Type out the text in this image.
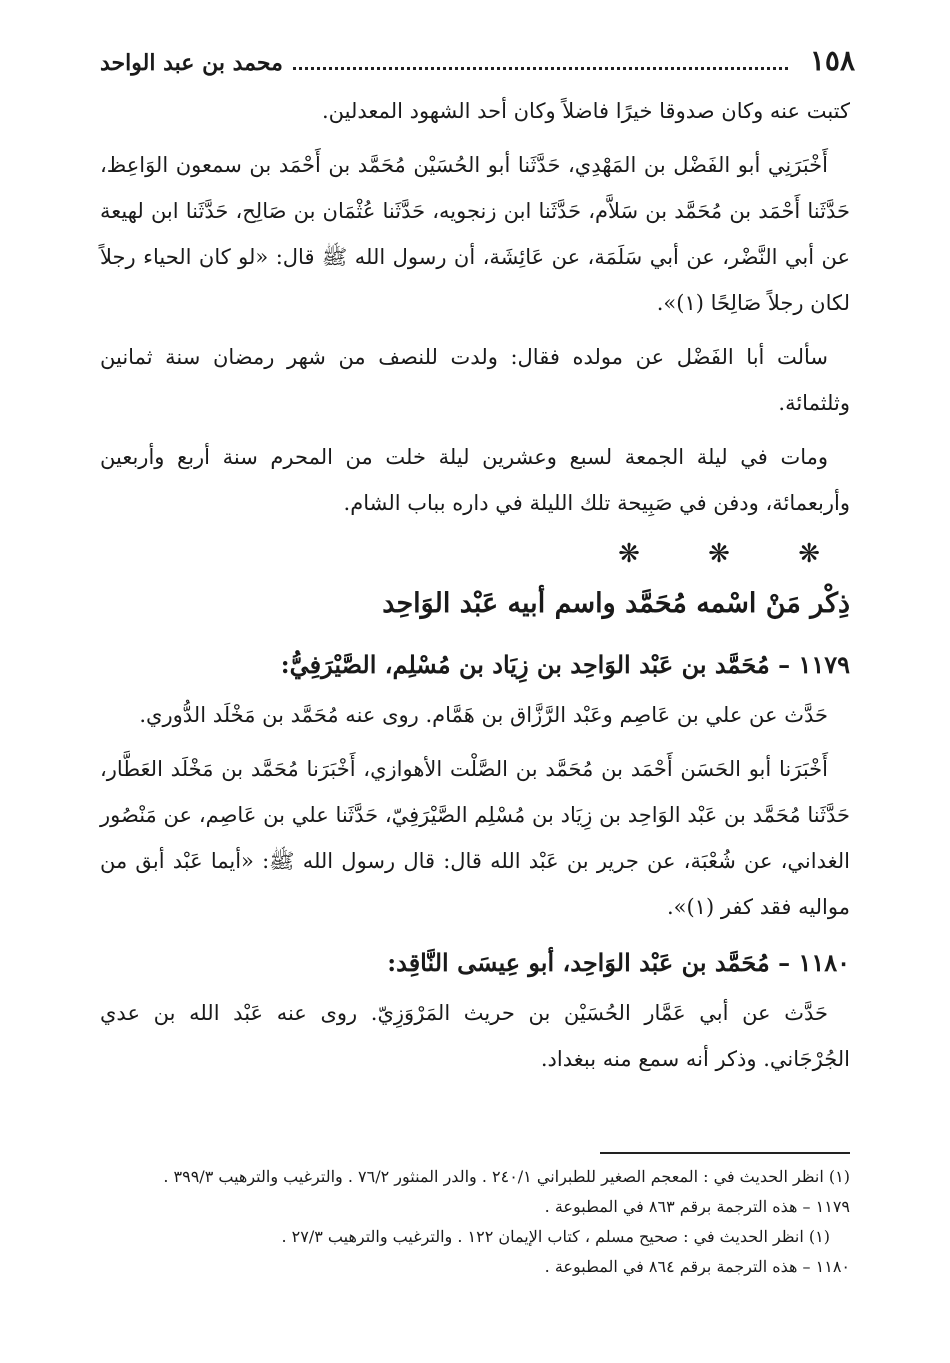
١٥٨
محمد بن عبد الواحد

كتبت عنه وكان صدوقا خيرًا فاضلاً وكان أحد الشهود المعدلين.

أَخْبَرَنِي أبو الفَضْل بن المَهْدِي، حَدَّثَنا أبو الحُسَيْن مُحَمَّد بن أَحْمَد بن سمعون الوَاعِظ، حَدَّثَنا أَحْمَد بن مُحَمَّد بن سَلاَّم، حَدَّثَنا ابن زنجويه، حَدَّثَنا عُثْمَان بن صَالِح، حَدَّثَنا ابن لهيعة عن أبي النَّضْر، عن أبي سَلَمَة، عن عَائِشَة، أن رسول الله ﷺ قال: «لو كان الحياء رجلاً لكان رجلاً صَالِحًا (١)».

سألت أبا الفَضْل عن مولده فقال: ولدت للنصف من شهر رمضان سنة ثمانين وثلثمائة.

ومات في ليلة الجمعة لسبع وعشرين ليلة خلت من المحرم سنة أربع وأربعين وأربعمائة، ودفن في صَبِيحة تلك الليلة في داره بباب الشام.

❋ ❋ ❋
ذِكْر مَنْ اسْمه مُحَمَّد واسم أبيه عَبْد الوَاحِد
١١٧٩ – مُحَمَّد بن عَبْد الوَاحِد بن زِيَاد بن مُسْلِم، الصَّيْرَفِيُّ:

حَدَّث عن علي بن عَاصِم وعَبْد الرَّزَّاق بن هَمَّام. روى عنه مُحَمَّد بن مَخْلَد الدُّوري.

أَخْبَرَنا أبو الحَسَن أَحْمَد بن مُحَمَّد بن الصَّلْت الأهوازي، أَخْبَرَنا مُحَمَّد بن مَخْلَد العَطَّار، حَدَّثَنا مُحَمَّد بن عَبْد الوَاحِد بن زِيَاد بن مُسْلِم الصَّيْرَفِيّ، حَدَّثَنا علي بن عَاصِم، عن مَنْصُور الغداني، عن شُعْبَة، عن جرير بن عَبْد الله قال: قال رسول الله ﷺ: «أيما عَبْد أبق من مواليه فقد كفر (١)».

١١٨٠ – مُحَمَّد بن عَبْد الوَاحِد، أبو عِيسَى النَّاقِد:

حَدَّث عن أبي عَمَّار الحُسَيْن بن حريث المَرْوَزِيّ. روى عنه عَبْد الله بن عدي الجُرْجَاني. وذكر أنه سمع منه ببغداد.

(١) انظر الحديث في : المعجم الصغير للطبراني ٢٤٠/١ . والدر المنثور ٧٦/٢ . والترغيب والترهيب ٣٩٩/٣ .

١١٧٩ – هذه الترجمة برقم ٨٦٣ في المطبوعة .

(١) انظر الحديث في : صحيح مسلم ، كتاب الإيمان ١٢٢ . والترغيب والترهيب ٢٧/٣ .

١١٨٠ – هذه الترجمة برقم ٨٦٤ في المطبوعة .
